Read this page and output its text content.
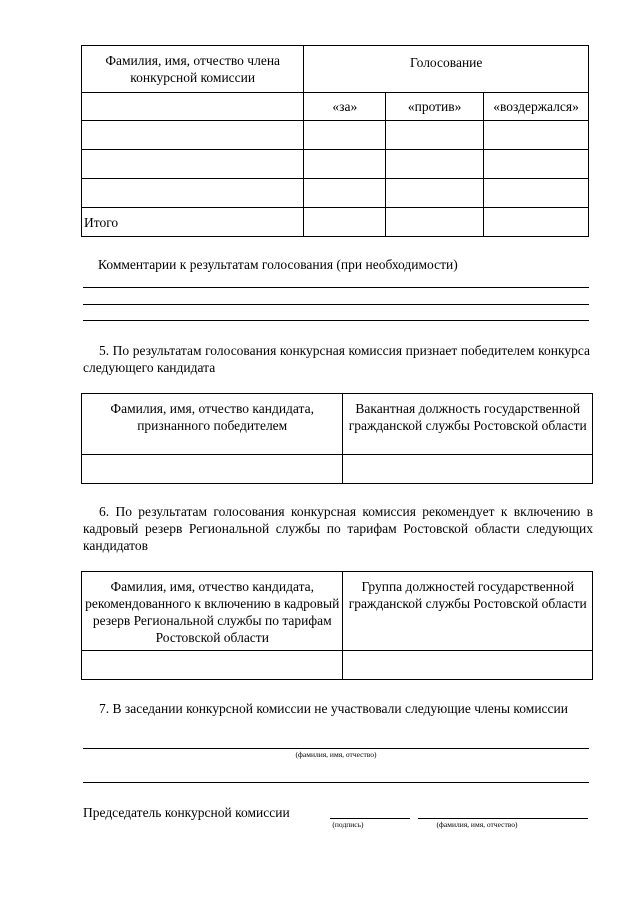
Фамилия, имя, отчество члена конкурсной комиссии	Голосование		
	«за»	«против»	«воздержался»

Итого			
Комментарии к результатам голосования (при необходимости)
5. По результатам голосования конкурсная комиссия признает победителем конкурса следующего кандидата
Фамилия, имя, отчество кандидата, признанного победителем	Вакантная должность государственной гражданской службы Ростовской области

6. По результатам голосования конкурсная комиссия рекомендует к включению в кадровый резерв Региональной службы по тарифам Ростовской области следующих кандидатов
Фамилия, имя, отчество кандидата, рекомендованного к включению в кадровый резерв Региональной службы по тарифам Ростовской области	Группа должностей государственной гражданской службы Ростовской области

7. В заседании конкурсной комиссии не участвовали следующие члены комиссии
(фамилия, имя, отчество)
Председатель конкурсной комиссии
(подпись)	(фамилия, имя, отчество)
